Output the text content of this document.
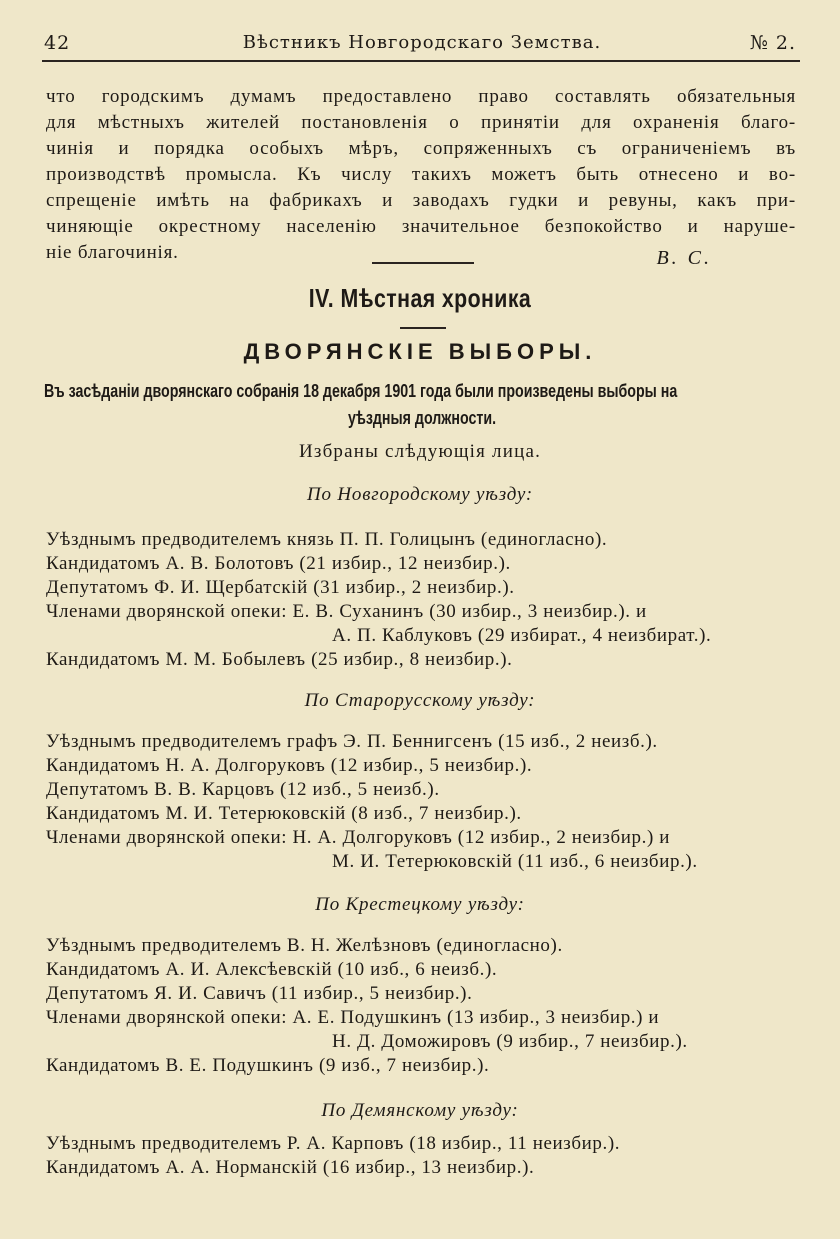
42	Вѣстникъ Новгородскаго Земства.	№ 2.
что городскимъ думамъ предоставлено право составлять обязательныя
для мѣстныхъ жителей постановленія о принятіи для охраненія благо-
чинія и порядка особыхъ мѣръ, сопряженныхъ съ ограниченіемъ въ
производствѣ промысла. Къ числу такихъ можетъ быть отнесено и во-
спрещеніе имѣть на фабрикахъ и заводахъ гудки и ревуны, какъ при-
чиняющіе окрестному населенію значительное безпокойство и наруше-
ніе благочинія.	В. С.
IV. Мѣстная хроника
ДВОРЯНСКІЕ ВЫБОРЫ.
Въ засѣданіи дворянскаго собранія 18 декабря 1901 года были произведены выборы на
уѣздныя должности.
Избраны слѣдующія лица.
По Новгородскому уѣзду:
Уѣзднымъ предводителемъ князь П. П. Голицынъ (единогласно).
Кандидатомъ А. В. Болотовъ (21 избир., 12 неизбир.).
Депутатомъ Ф. И. Щербатскій (31 избир., 2 неизбир.).
Членами дворянской опеки: Е. В. Суханинъ (30 избир., 3 неизбир.). и
А. П. Каблуковъ (29 избират., 4 неизбират.).
Кандидатомъ М. М. Бобылевъ (25 избир., 8 неизбир.).
По Старорусскому уѣзду:
Уѣзднымъ предводителемъ графъ Э. П. Беннигсенъ (15 изб., 2 неизб.).
Кандидатомъ Н. А. Долгоруковъ (12 избир., 5 неизбир.).
Депутатомъ В. В. Карцовъ (12 изб., 5 неизб.).
Кандидатомъ М. И. Тетерюковскій (8 изб., 7 неизбир.).
Членами дворянской опеки: Н. А. Долгоруковъ (12 избир., 2 неизбир.) и
М. И. Тетерюковскій (11 изб., 6 неизбир.).
По Крестецкому уѣзду:
Уѣзднымъ предводителемъ В. Н. Желѣзновъ (единогласно).
Кандидатомъ А. И. Алексѣевскій (10 изб., 6 неизб.).
Депутатомъ Я. И. Савичъ (11 избир., 5 неизбир.).
Членами дворянской опеки: А. Е. Подушкинъ (13 избир., 3 неизбир.) и
Н. Д. Доможировъ (9 избир., 7 неизбир.).
Кандидатомъ В. Е. Подушкинъ (9 изб., 7 неизбир.).
По Демянскому уѣзду:
Уѣзднымъ предводителемъ Р. А. Карповъ (18 избир., 11 неизбир.).
Кандидатомъ А. А. Норманскій (16 избир., 13 неизбир.).
